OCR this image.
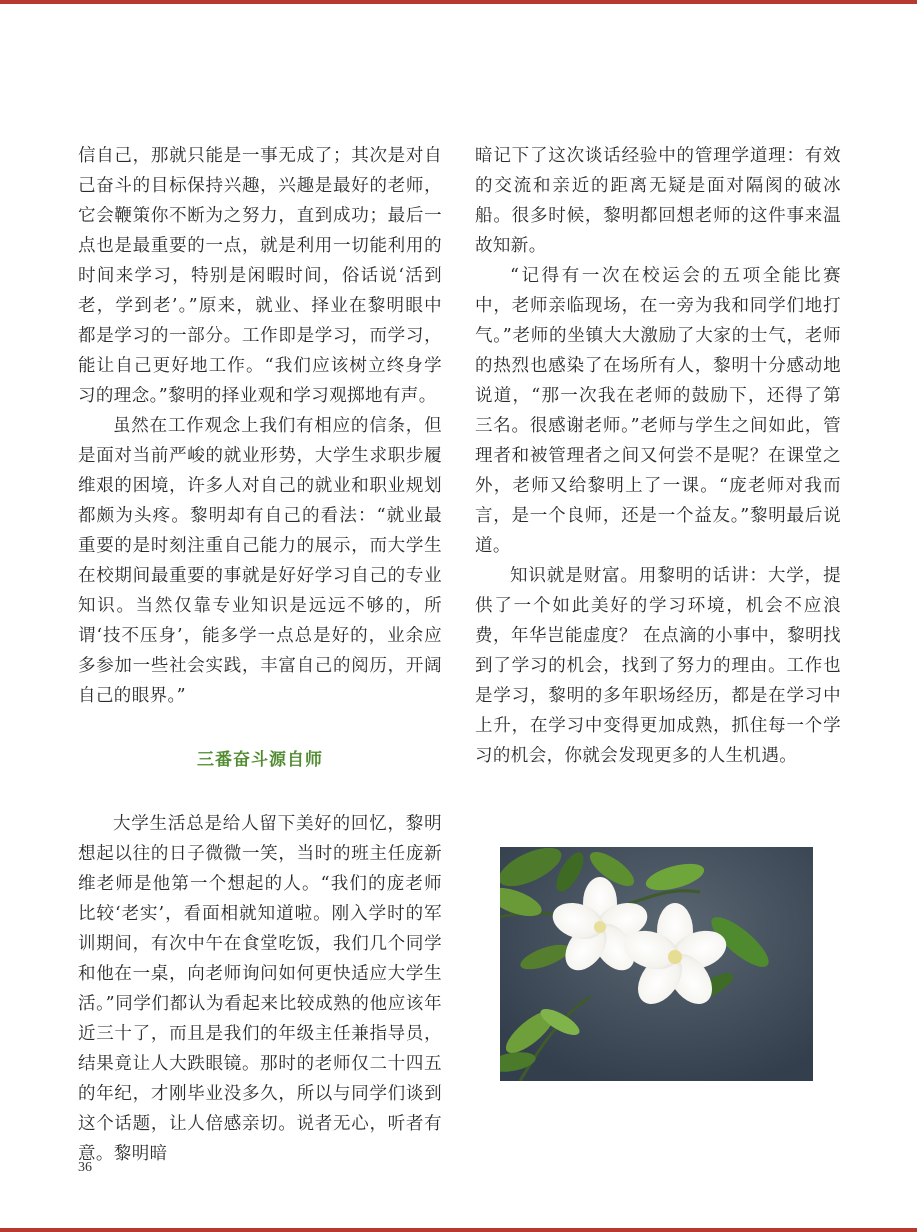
信自己，那就只能是一事无成了；其次是对自己奋斗的目标保持兴趣，兴趣是最好的老师，它会鞭策你不断为之努力，直到成功；最后一点也是最重要的一点，就是利用一切能利用的时间来学习，特别是闲暇时间，俗话说‘活到老，学到老’。”原来，就业、择业在黎明眼中都是学习的一部分。工作即是学习，而学习，能让自己更好地工作。“我们应该树立终身学习的理念。”黎明的择业观和学习观掷地有声。

虽然在工作观念上我们有相应的信条，但是面对当前严峻的就业形势，大学生求职步履维艰的困境，许多人对自己的就业和职业规划都颇为头疼。黎明却有自己的看法：“就业最重要的是时刻注重自己能力的展示，而大学生在校期间最重要的事就是好好学习自己的专业知识。当然仅靠专业知识是远远不够的，所谓‘技不压身’，能多学一点总是好的，业余应多参加一些社会实践，丰富自己的阅历，开阔自己的眼界。”

三番奋斗源自师

大学生活总是给人留下美好的回忆，黎明想起以往的日子微微一笑，当时的班主任庞新维老师是他第一个想起的人。“我们的庞老师比较‘老实’，看面相就知道啦。刚入学时的军训期间，有次中午在食堂吃饭，我们几个同学和他在一桌，向老师询问如何更快适应大学生活。”同学们都认为看起来比较成熟的他应该年近三十了，而且是我们的年级主任兼指导员，结果竟让人大跌眼镜。那时的老师仅二十四五的年纪，才刚毕业没多久，所以与同学们谈到这个话题，让人倍感亲切。说者无心，听者有意。黎明暗

暗记下了这次谈话经验中的管理学道理：有效的交流和亲近的距离无疑是面对隔阂的破冰船。很多时候，黎明都回想老师的这件事来温故知新。

“记得有一次在校运会的五项全能比赛中，老师亲临现场，在一旁为我和同学们地打气。”老师的坐镇大大激励了大家的士气，老师的热烈也感染了在场所有人，黎明十分感动地说道，“那一次我在老师的鼓励下，还得了第三名。很感谢老师。”老师与学生之间如此，管理者和被管理者之间又何尝不是呢？在课堂之外，老师又给黎明上了一课。“庞老师对我而言，是一个良师，还是一个益友。”黎明最后说道。

知识就是财富。用黎明的话讲：大学，提供了一个如此美好的学习环境，机会不应浪费，年华岂能虚度？ 在点滴的小事中，黎明找到了学习的机会，找到了努力的理由。工作也是学习，黎明的多年职场经历，都是在学习中上升，在学习中变得更加成熟，抓住每一个学习的机会，你就会发现更多的人生机遇。

36
